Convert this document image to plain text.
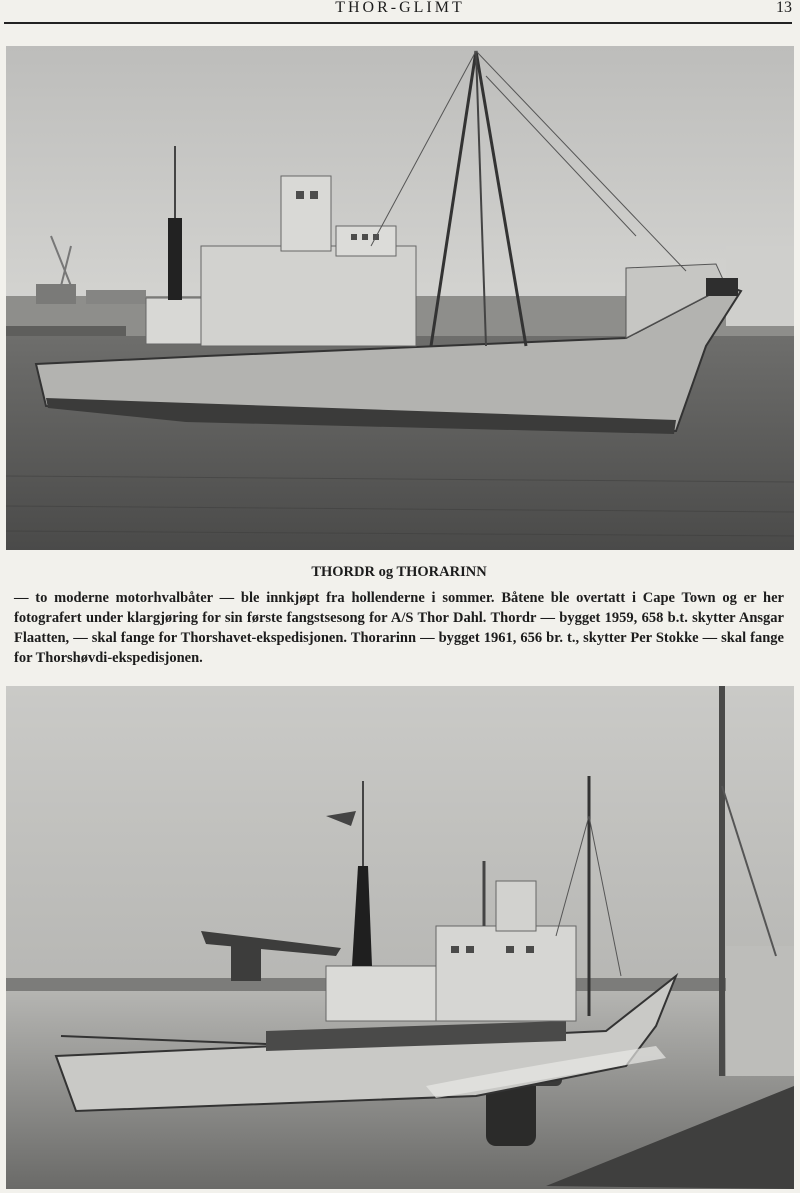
THOR-GLIMT	13
THORDR og THORARINN
— to moderne motorhvalbåter — ble innkjøpt fra hollenderne i sommer. Båtene ble overtatt i Cape Town og er her fotografert under klargjøring for sin første fangstsesong for A/S Thor Dahl. Thordr — bygget 1959, 658 b.t. skytter Ansgar Flaatten, — skal fange for Thorshavet-ekspedisjonen. Thorarinn — bygget 1961, 656 br. t., skytter Per Stokke — skal fange for Thorshøvdi-ekspedisjonen.
